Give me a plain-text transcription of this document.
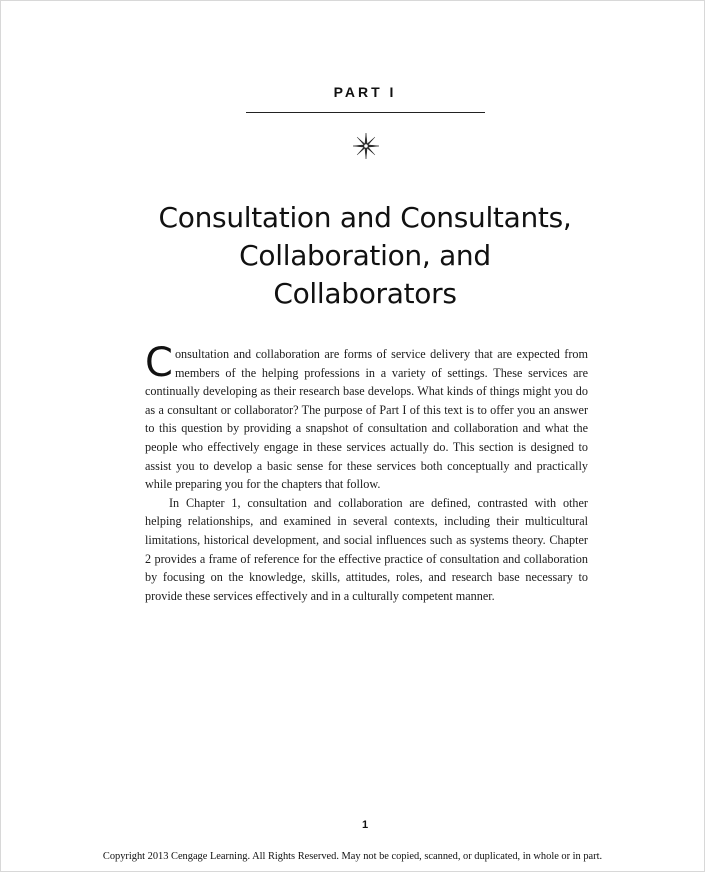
PART I
Consultation and Consultants,
Collaboration, and
Collaborators

Consultation and collaboration are forms of service delivery that are expected from members of the helping professions in a variety of settings. These services are continually developing as their research base develops. What kinds of things might you do as a consultant or collaborator? The purpose of Part I of this text is to offer you an answer to this question by providing a snapshot of consultation and collaboration and what the people who effectively engage in these services actually do. This section is designed to assist you to develop a basic sense for these services both conceptually and practically while preparing you for the chapters that follow.

In Chapter 1, consultation and collaboration are defined, contrasted with other helping relationships, and examined in several contexts, including their multicultural limitations, historical development, and social influences such as systems theory. Chapter 2 provides a frame of reference for the effective practice of consultation and collaboration by focusing on the knowledge, skills, attitudes, roles, and research base necessary to provide these services effectively and in a culturally competent manner.

1
Copyright 2013 Cengage Learning. All Rights Reserved. May not be copied, scanned, or duplicated, in whole or in part.
